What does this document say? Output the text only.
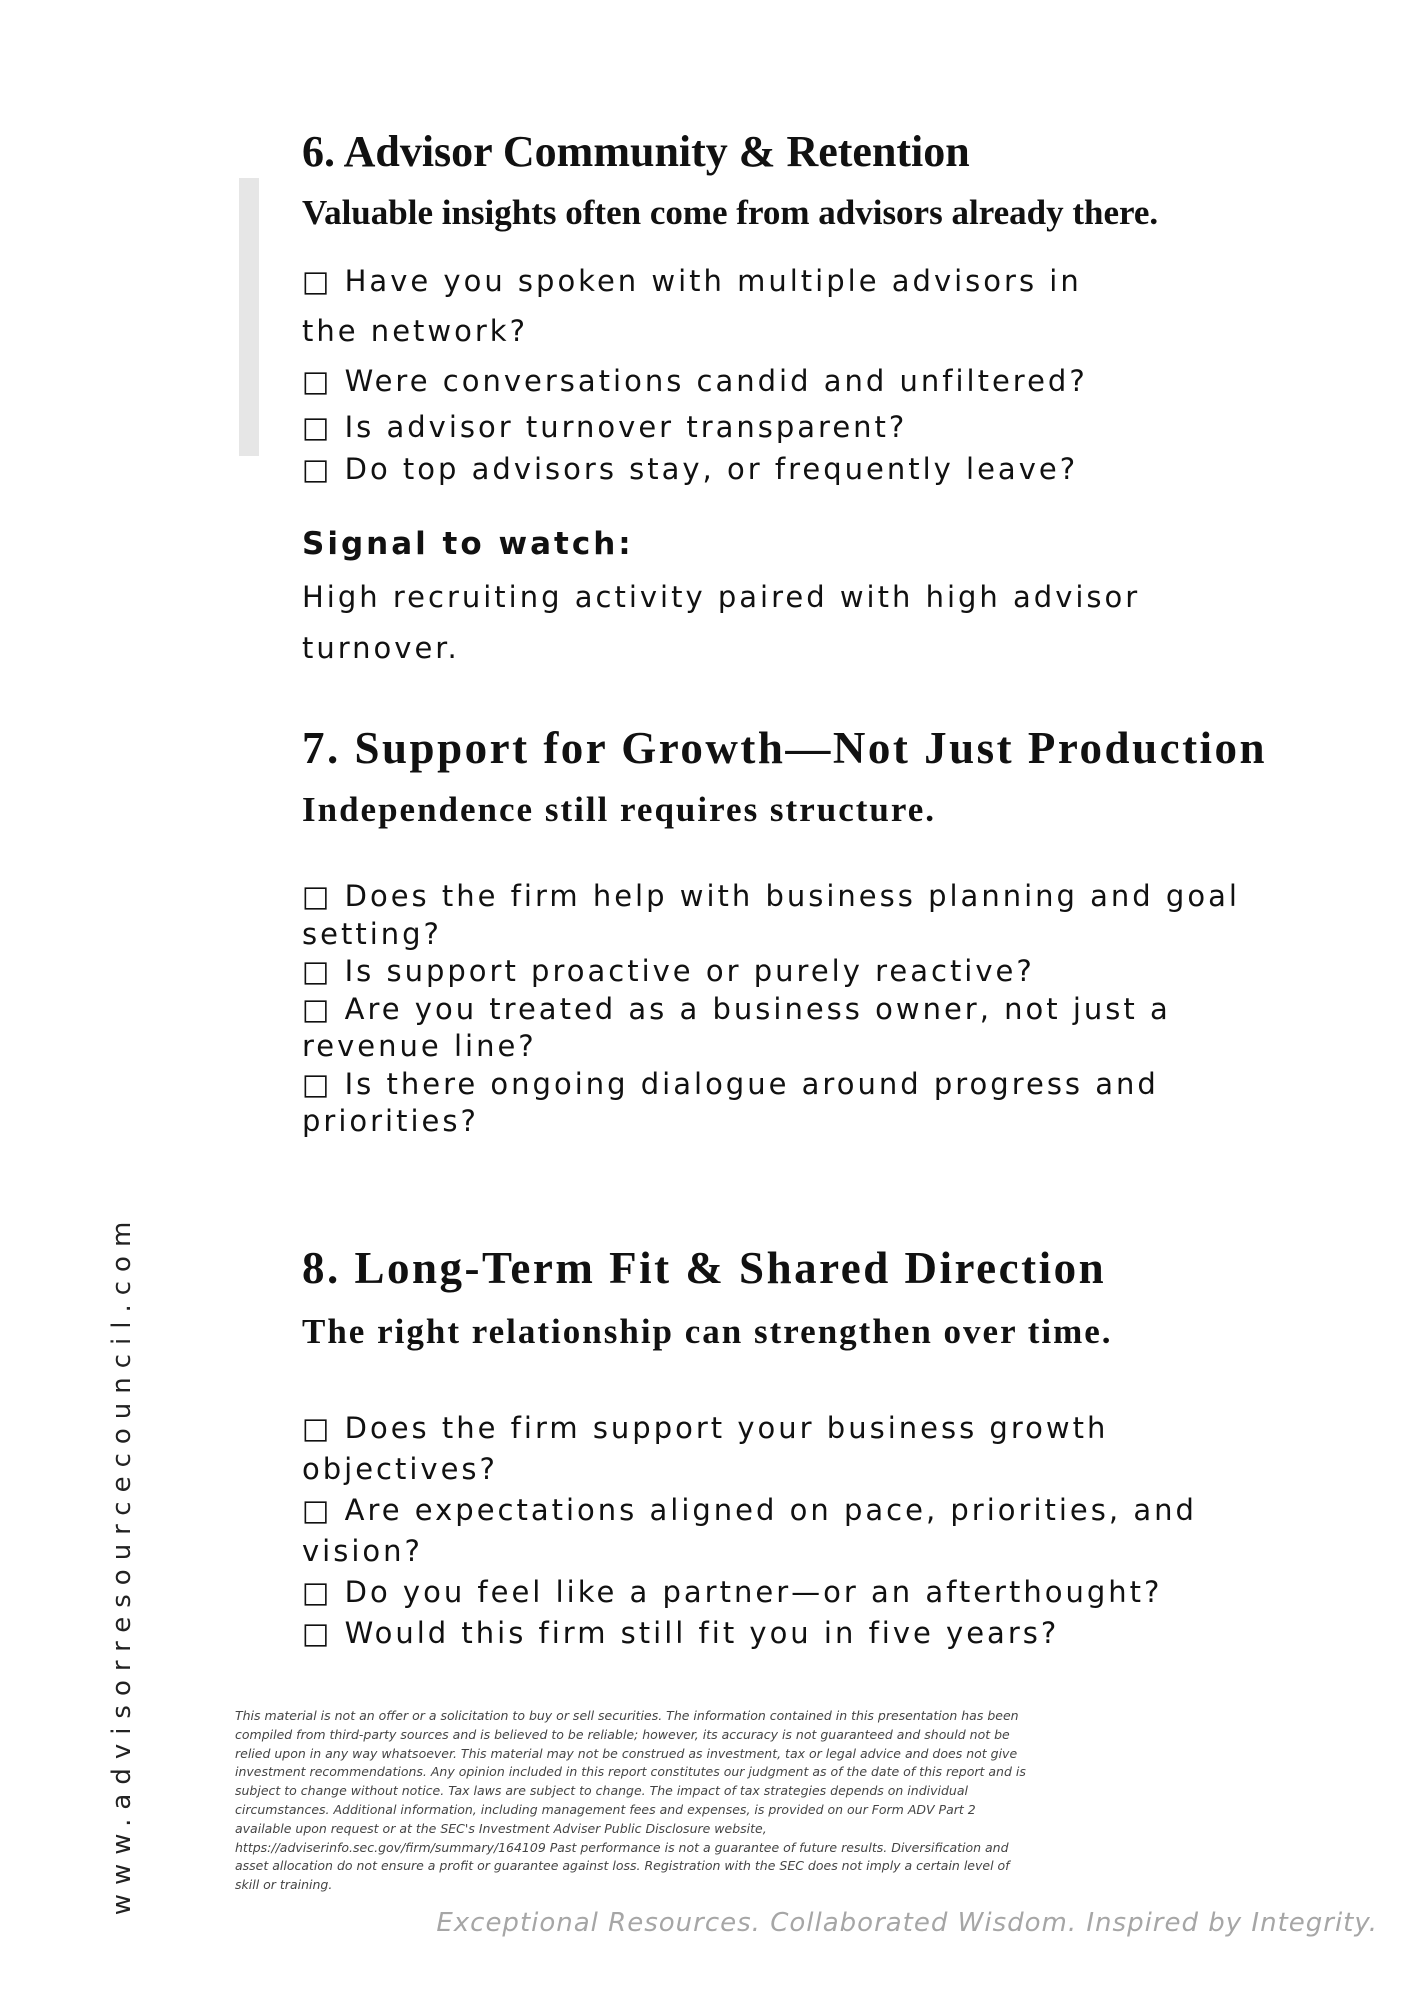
6. Advisor Community & Retention
Valuable insights often come from advisors already there.
□ Have you spoken with multiple advisors in the network?
□ Were conversations candid and unfiltered?
□ Is advisor turnover transparent?
□ Do top advisors stay, or frequently leave?

Signal to watch:

High recruiting activity paired with high advisor turnover.

7. Support for Growth—Not Just Production
Independence still requires structure.
□ Does the firm help with business planning and goal setting?
□ Is support proactive or purely reactive?
□ Are you treated as a business owner, not just a revenue line?
□ Is there ongoing dialogue around progress and priorities?
8. Long-Term Fit & Shared Direction
The right relationship can strengthen over time.
□ Does the firm support your business growth objectives?
□ Are expectations aligned on pace, priorities, and vision?
□ Do you feel like a partner—or an afterthought?
□ Would this firm still fit you in five years?
This material is not an offer or a solicitation to buy or sell securities. The information contained in this presentation has been
compiled from third-party sources and is believed to be reliable; however, its accuracy is not guaranteed and should not be
relied upon in any way whatsoever. This material may not be construed as investment, tax or legal advice and does not give
investment recommendations. Any opinion included in this report constitutes our judgment as of the date of this report and is
subject to change without notice. Tax laws are subject to change. The impact of tax strategies depends on individual
circumstances. Additional information, including management fees and expenses, is provided on our Form ADV Part 2
available upon request or at the SEC's Investment Adviser Public Disclosure website,
https://adviserinfo.sec.gov/firm/summary/164109 Past performance is not a guarantee of future results. Diversification and
asset allocation do not ensure a profit or guarantee against loss. Registration with the SEC does not imply a certain level of
skill or training.

Exceptional Resources. Collaborated Wisdom. Inspired by Integrity.

www.advisorresourcecouncil.com
